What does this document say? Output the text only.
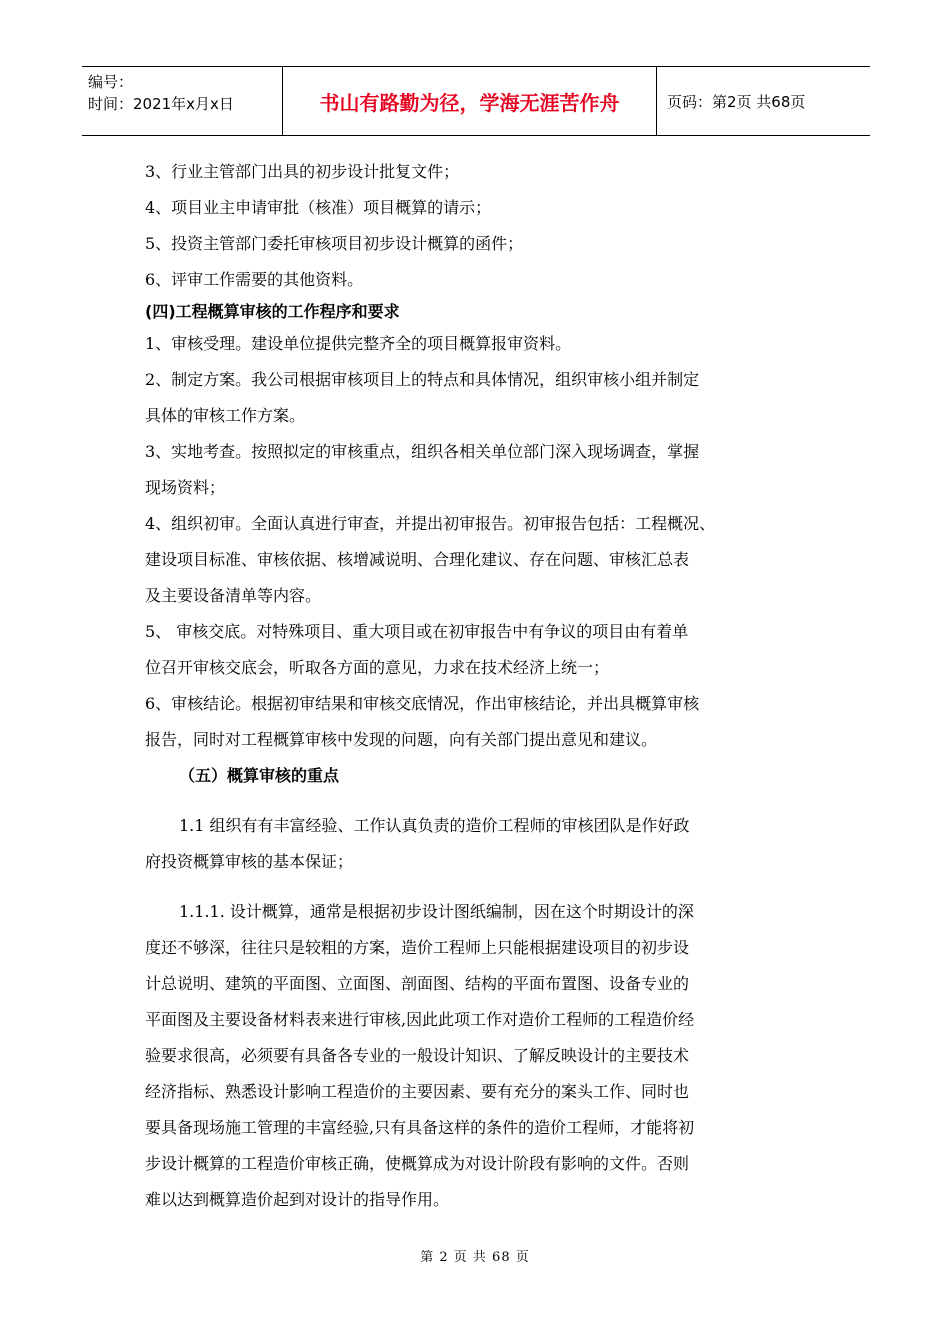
编号：
时间：2021年x月x日	书山有路勤为径，学海无涯苦作舟	页码：第2页 共68页

3、行业主管部门出具的初步设计批复文件；

4、项目业主申请审批（核准）项目概算的请示；

5、投资主管部门委托审核项目初步设计概算的函件；

6、评审工作需要的其他资料。

(四)工程概算审核的工作程序和要求

1、审核受理。建设单位提供完整齐全的项目概算报审资料。

2、制定方案。我公司根据审核项目上的特点和具体情况，组织审核小组并制定

具体的审核工作方案。

3、实地考查。按照拟定的审核重点，组织各相关单位部门深入现场调查，掌握

现场资料；

4、组织初审。全面认真进行审查，并提出初审报告。初审报告包括：工程概况、

建设项目标准、审核依据、核增减说明、合理化建议、存在问题、审核汇总表

及主要设备清单等内容。

5、 审核交底。对特殊项目、重大项目或在初审报告中有争议的项目由有着单

位召开审核交底会，听取各方面的意见，力求在技术经济上统一；

6、审核结论。根据初审结果和审核交底情况，作出审核结论，并出具概算审核

报告，同时对工程概算审核中发现的问题，向有关部门提出意见和建议。

（五）概算审核的重点

1.1 组织有有丰富经验、工作认真负责的造价工程师的审核团队是作好政

府投资概算审核的基本保证；

1.1.1. 设计概算，通常是根据初步设计图纸编制，因在这个时期设计的深

度还不够深，往往只是较粗的方案，造价工程师上只能根据建设项目的初步设

计总说明、建筑的平面图、立面图、剖面图、结构的平面布置图、设备专业的

平面图及主要设备材料表来进行审核,因此此项工作对造价工程师的工程造价经

验要求很高，必须要有具备各专业的一般设计知识、了解反映设计的主要技术

经济指标、熟悉设计影响工程造价的主要因素、要有充分的案头工作、同时也

要具备现场施工管理的丰富经验,只有具备这样的条件的造价工程师，才能将初

步设计概算的工程造价审核正确，使概算成为对设计阶段有影响的文件。否则

难以达到概算造价起到对设计的指导作用。

第 2 页 共 68 页
